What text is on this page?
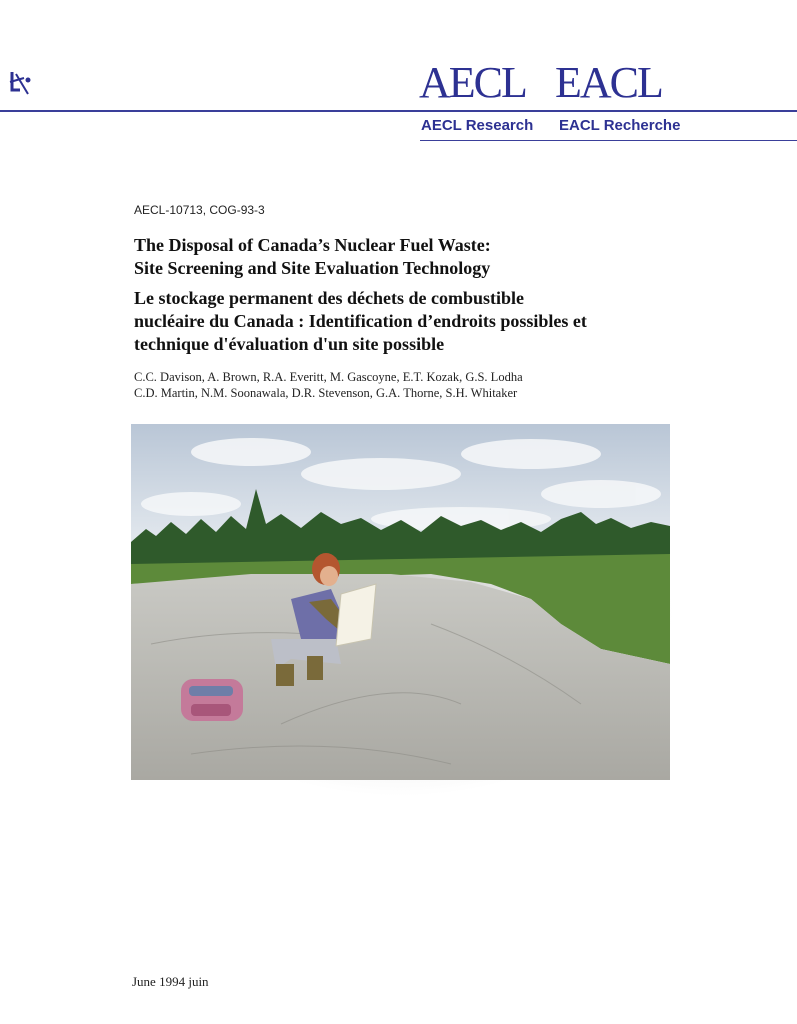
AECL EACL

AECL Research EACL Recherche

AECL-10713, COG-93-3

The Disposal of Canada’s Nuclear Fuel Waste:
Site Screening and Site Evaluation Technology
Le stockage permanent des déchets de combustible
nucléaire du Canada : Identification d’endroits possibles et
technique d'évaluation d'un site possible
C.C. Davison, A. Brown, R.A. Everitt, M. Gascoyne, E.T. Kozak, G.S. Lodha
C.D. Martin, N.M. Soonawala, D.R. Stevenson, G.A. Thorne, S.H. Whitaker

June 1994 juin
